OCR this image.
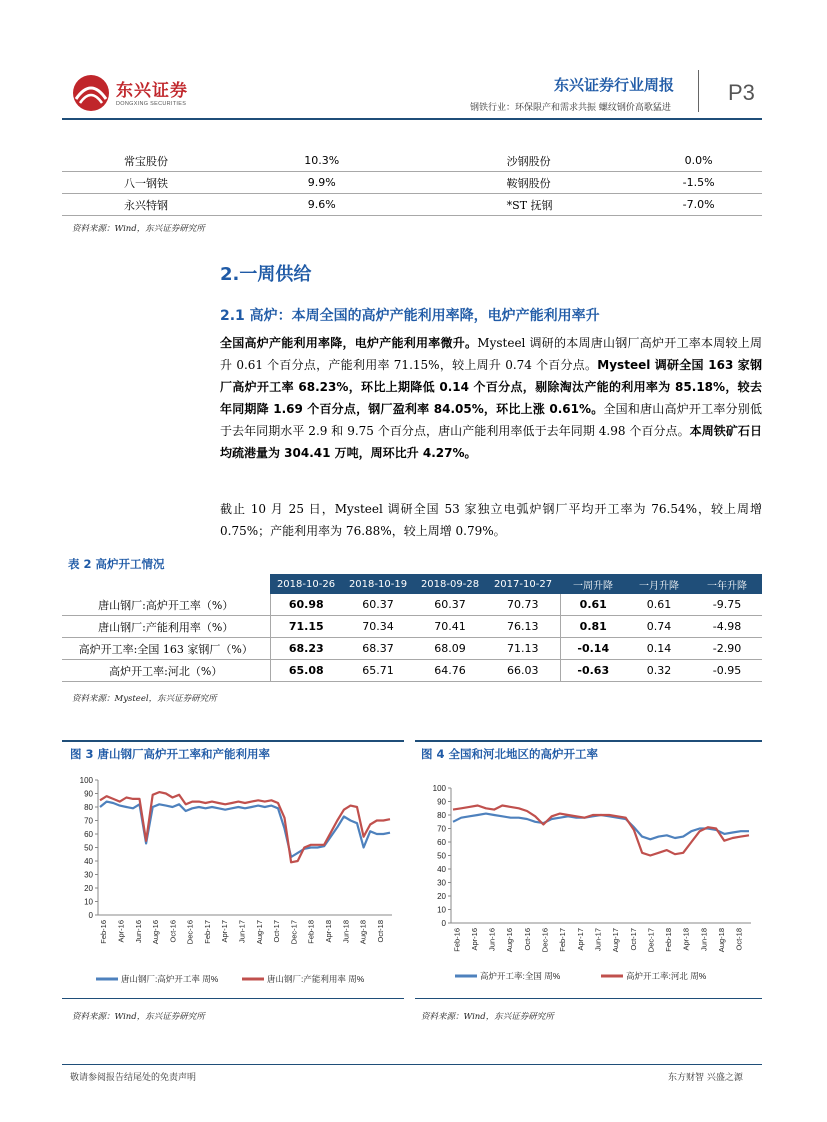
东兴证券
DONGXING SECURITIES
东兴证券行业周报
钢铁行业：环保限产和需求共振 螺纹钢价高歌猛进
P3
常宝股份	10.3%	沙钢股份	0.0%
八一钢铁	9.9%	鞍钢股份	-1.5%
永兴特钢	9.6%	*ST 抚钢	-7.0%
资料来源：Wind，东兴证券研究所
2.一周供给
2.1 高炉：本周全国的高炉产能利用率降，电炉产能利用率升
全国高炉产能利用率降，电炉产能利用率微升。Mysteel 调研的本周唐山钢厂高炉开工率本周较上周升 0.61 个百分点，产能利用率 71.15%，较上周升 0.74 个百分点。Mysteel 调研全国 163 家钢厂高炉开工率 68.23%，环比上期降低 0.14 个百分点，剔除淘汰产能的利用率为 85.18%，较去年同期降 1.69 个百分点，钢厂盈利率 84.05%，环比上涨 0.61%。全国和唐山高炉开工率分别低于去年同期水平 2.9 和 9.75 个百分点，唐山产能利用率低于去年同期 4.98 个百分点。本周铁矿石日均疏港量为 304.41 万吨，周环比升 4.27%。
截止 10 月 25 日，Mysteel 调研全国 53 家独立电弧炉钢厂平均开工率为 76.54%，较上周增 0.75%；产能利用率为 76.88%，较上周增 0.79%。
表 2 高炉开工情况
	2018-10-26	2018-10-19	2018-09-28	2017-10-27	一周升降	一月升降	一年升降
唐山钢厂:高炉开工率（%）	60.98	60.37	60.37	70.73	0.61	0.61	-9.75
唐山钢厂:产能利用率（%）	71.15	70.34	70.41	76.13	0.81	0.74	-4.98
高炉开工率:全国 163 家钢厂（%）	68.23	68.37	68.09	71.13	-0.14	0.14	-2.90
高炉开工率:河北（%）	65.08	65.71	64.76	66.03	-0.63	0.32	-0.95
资料来源：Mysteel，东兴证券研究所
图 3 唐山钢厂高炉开工率和产能利用率
0
10
20
30
40
50
60
70
80
90
100
Feb-16 Apr-16 Jun-16 Aug-16 Oct-16 Dec-16 Feb-17 Apr-17 Jun-17 Aug-17 Oct-17 Dec-17 Feb-18 Apr-18 Jun-18 Aug-18 Oct-18
唐山钢厂:高炉开工率 周%	唐山钢厂:产能利用率 周%
资料来源：Wind，东兴证券研究所
图 4 全国和河北地区的高炉开工率
0
10
20
30
40
50
60
70
80
90
100
Feb-16 Apr-16 Jun-16 Aug-16 Oct-16 Dec-16 Feb-17 Apr-17 Jun-17 Aug-17 Oct-17 Dec-17 Feb-18 Apr-18 Jun-18 Aug-18 Oct-18
高炉开工率:全国 周%	高炉开工率:河北 周%
资料来源：Wind，东兴证券研究所
敬请参阅报告结尾处的免责声明	东方财智 兴盛之源
